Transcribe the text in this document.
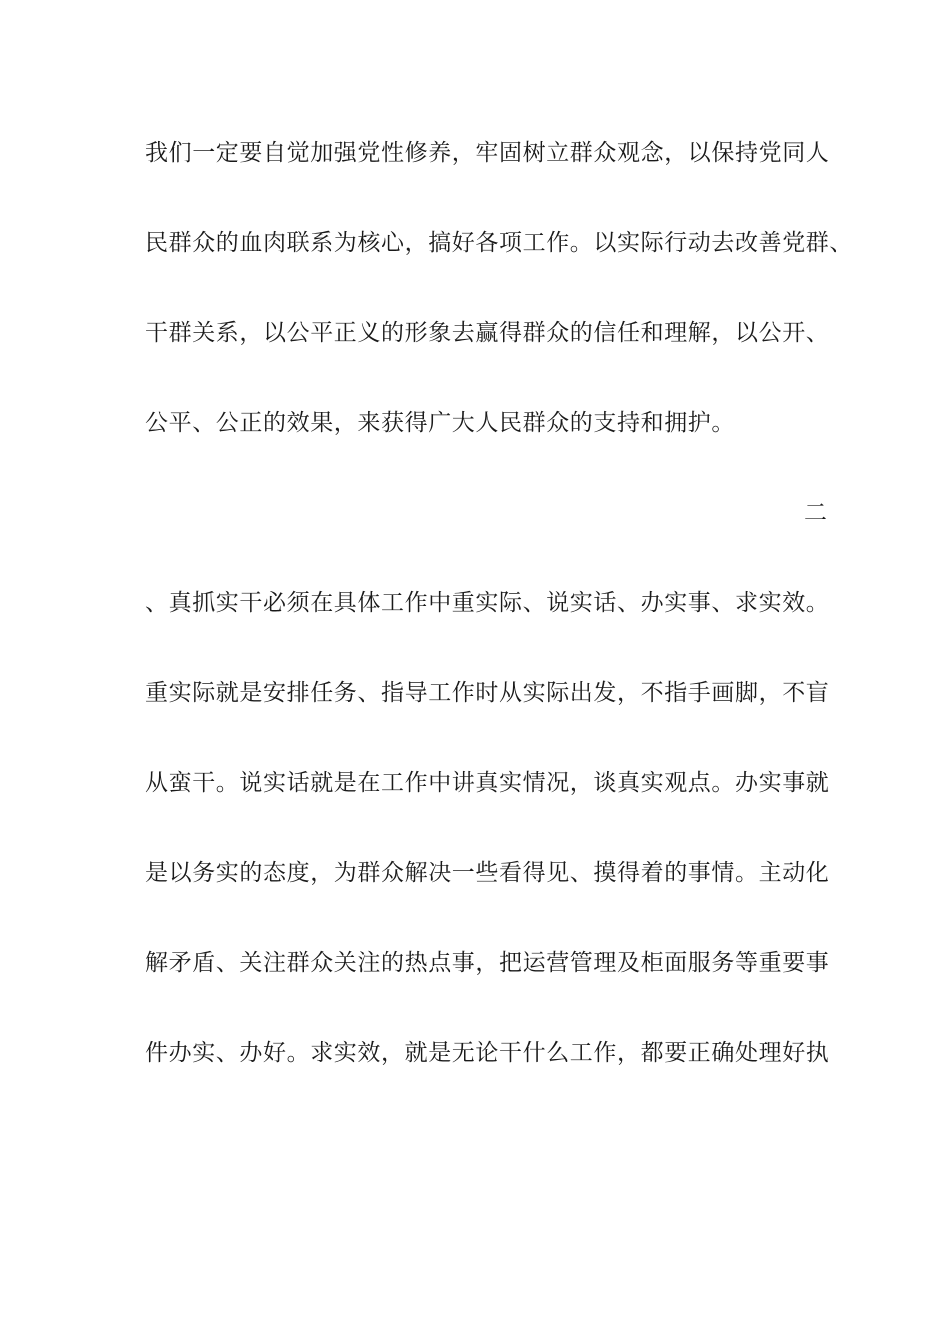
我们一定要自觉加强党性修养，牢固树立群众观念，以保持党同人
民群众的血肉联系为核心，搞好各项工作。以实际行动去改善党群、
干群关系，以公平正义的形象去赢得群众的信任和理解，以公开、
公平、公正的效果，来获得广大人民群众的支持和拥护。
二
、真抓实干必须在具体工作中重实际、说实话、办实事、求实效。
重实际就是安排任务、指导工作时从实际出发，不指手画脚，不盲
从蛮干。说实话就是在工作中讲真实情况，谈真实观点。办实事就
是以务实的态度，为群众解决一些看得见、摸得着的事情。主动化
解矛盾、关注群众关注的热点事，把运营管理及柜面服务等重要事
件办实、办好。求实效，就是无论干什么工作，都要正确处理好执
